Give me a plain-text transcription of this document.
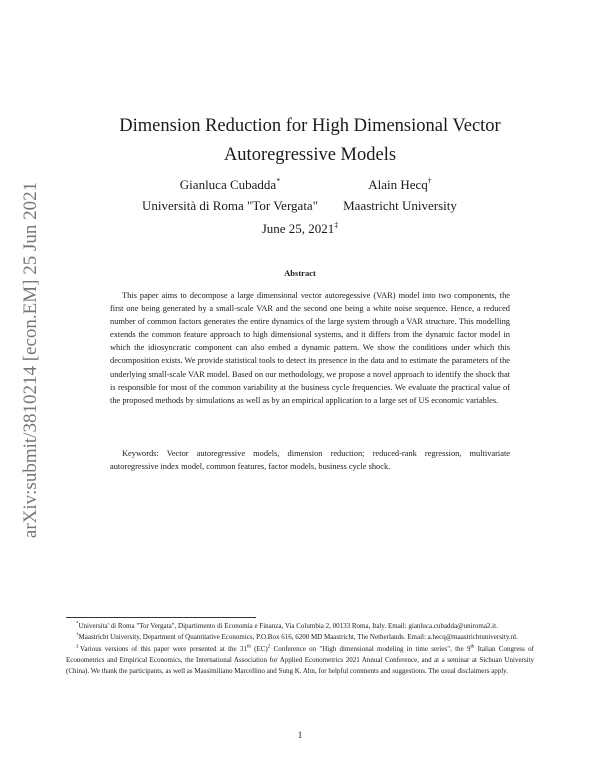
arXiv:submit/3810214 [econ.EM] 25 Jun 2021
Dimension Reduction for High Dimensional Vector Autoregressive Models
Gianluca Cubadda*
Università di Roma "Tor Vergata"
Alain Hecq†
Maastricht University
June 25, 2021‡
Abstract
This paper aims to decompose a large dimensional vector autoregessive (VAR) model into two components, the first one being generated by a small-scale VAR and the second one being a white noise sequence. Hence, a reduced number of common factors generates the entire dynamics of the large system through a VAR structure. This modelling extends the common feature approach to high dimensional systems, and it differs from the dynamic factor model in which the idiosyncratic component can also embed a dynamic pattern. We show the conditions under which this decomposition exists. We provide statistical tools to detect its presence in the data and to estimate the parameters of the underlying small-scale VAR model. Based on our methodology, we propose a novel approach to identify the shock that is responsible for most of the common variability at the business cycle frequencies. We evaluate the practical value of the proposed methods by simulations as well as by an empirical application to a large set of US economic variables.
Keywords: Vector autoregressive models, dimension reduction; reduced-rank regression, multivariate autoregressive index model, common features, factor models, business cycle shock.

*Universita' di Roma "Tor Vergata", Dipartimento di Economia e Finanza, Via Columbia 2, 00133 Roma, Italy. Email: gianluca.cubadda@uniroma2.it.

†Maastricht University, Department of Quantitative Economics, P.O.Box 616, 6200 MD Maastricht, The Netherlands. Email: a.hecq@maastrichtuniversity.nl.

‡Various versions of this paper were presented at the 31th (EC)$^2$ Conference on "High dimensional modeling in time series", the 9th Italian Congress of Econometrics and Empirical Economics, the International Association for Applied Econometrics 2021 Annual Conference, and at a seminar at Sichuan University (China). We thank the participants, as well as Massimiliano Marcellino and Sung K. Ahn, for helpful comments and suggestions. The usual disclaimers apply.

1
